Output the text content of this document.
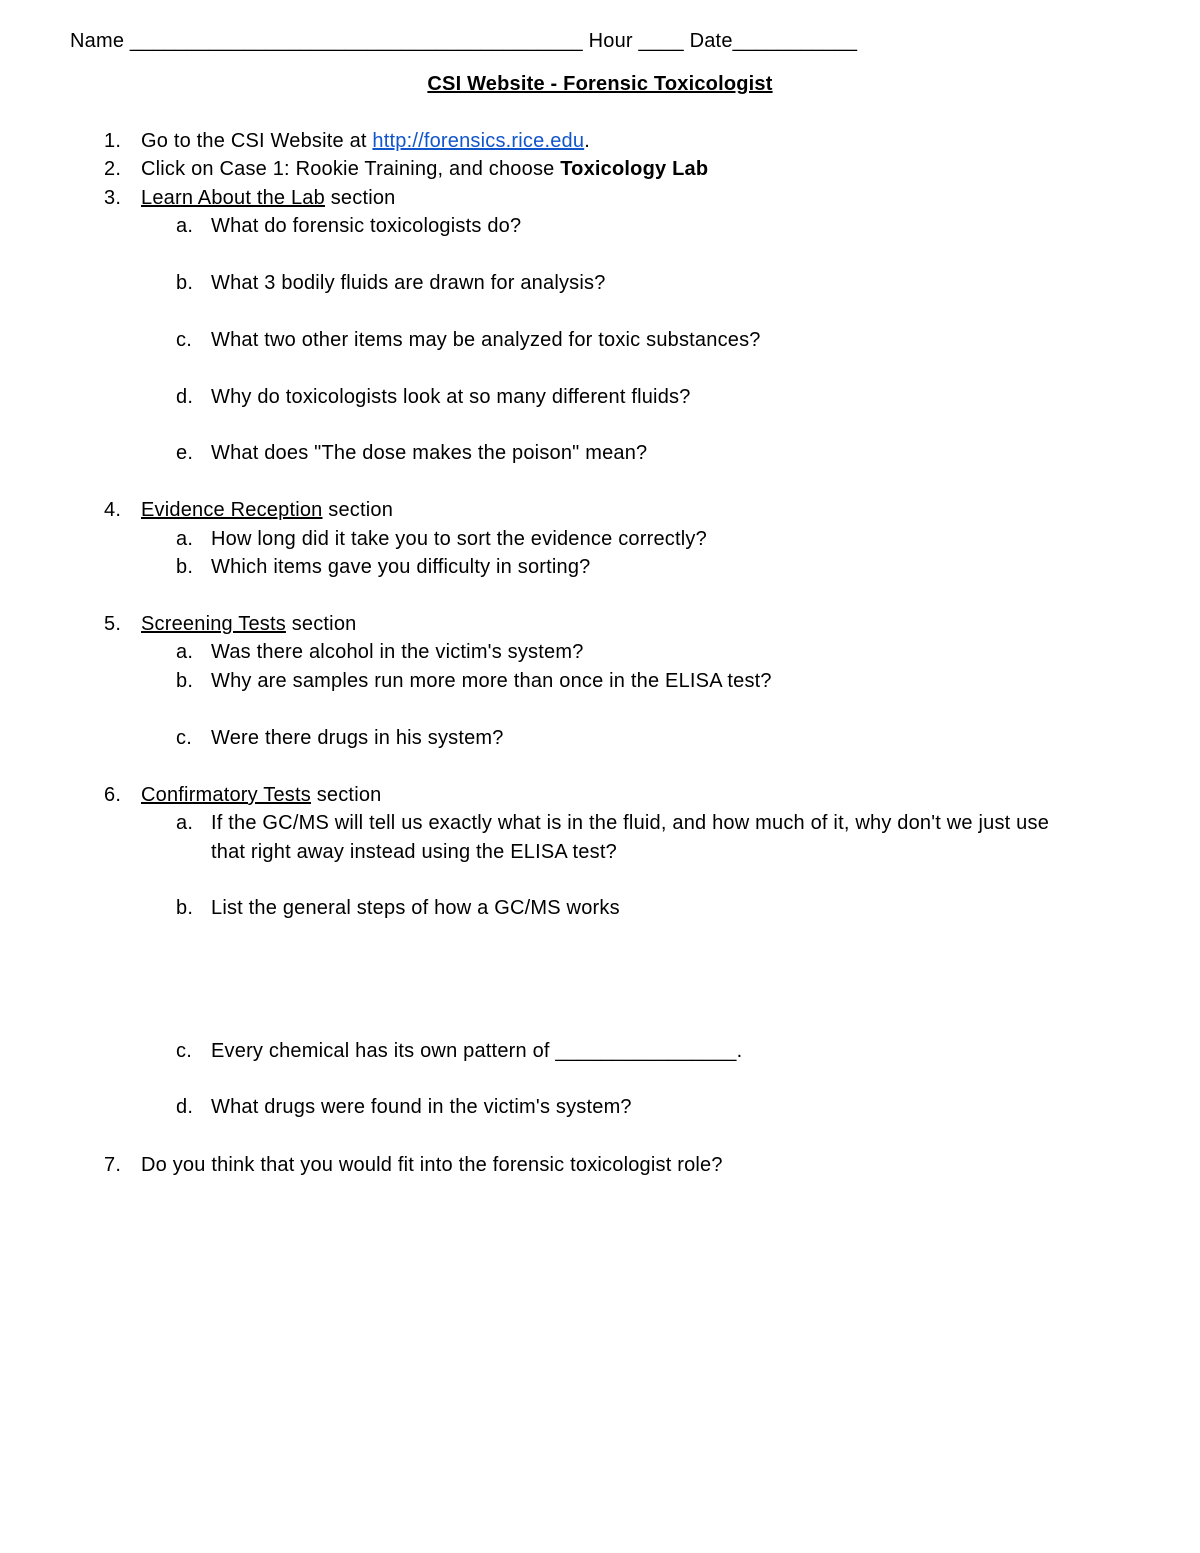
Name ________________________________________ Hour ____ Date___________
CSI Website - Forensic Toxicologist
1. Go to the CSI Website at http://forensics.rice.edu.
2. Click on Case 1: Rookie Training, and choose Toxicology Lab
3. Learn About the Lab section
a. What do forensic toxicologists do?
b. What 3 bodily fluids are drawn for analysis?
c. What two other items may be analyzed for toxic substances?
d. Why do toxicologists look at so many different fluids?
e. What does "The dose makes the poison" mean?
4. Evidence Reception section
a. How long did it take you to sort the evidence correctly?
b. Which items gave you difficulty in sorting?
5. Screening Tests section
a. Was there alcohol in the victim's system?
b. Why are samples run more more than once in the ELISA test?
c. Were there drugs in his system?
6. Confirmatory Tests section
a. If the GC/MS will tell us exactly what is in the fluid, and how much of it, why don't we just use
that right away instead using the ELISA test?
b. List the general steps of how a GC/MS works
c. Every chemical has its own pattern of ________________.
d. What drugs were found in the victim's system?
7. Do you think that you would fit into the forensic toxicologist role?
